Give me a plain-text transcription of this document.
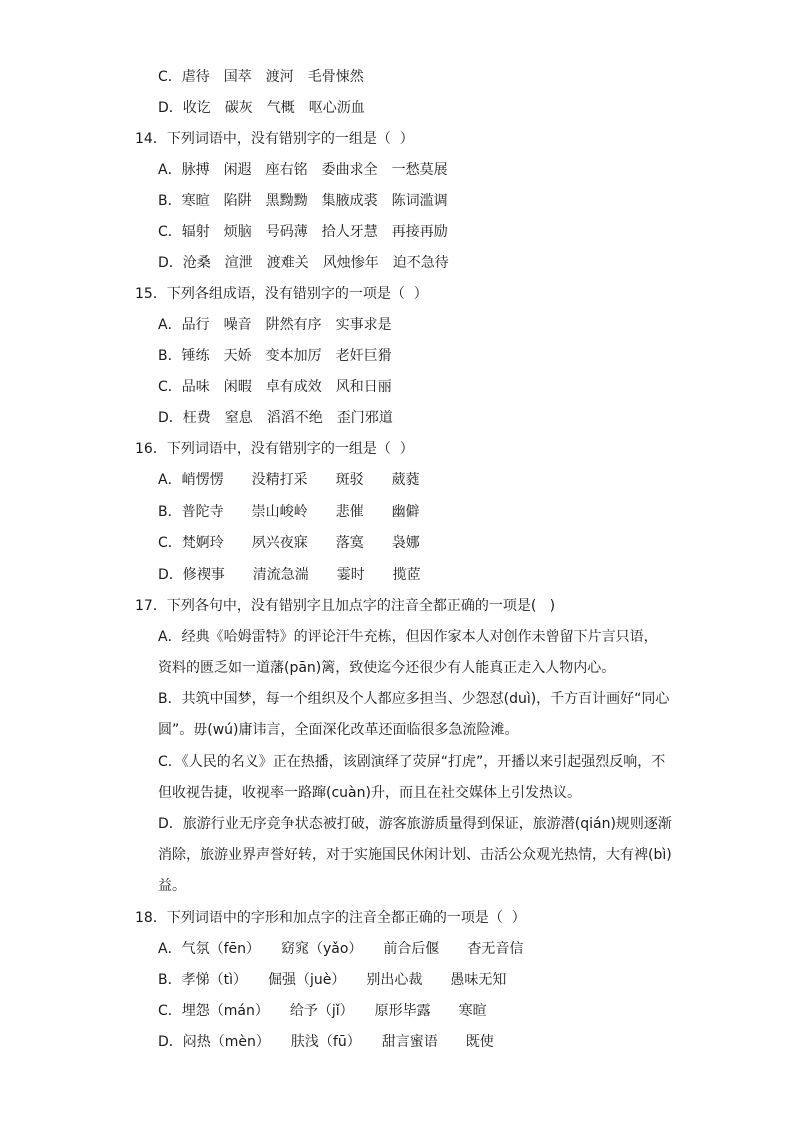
C．虐待　国萃　渡河　毛骨悚然
D．收讫　碳灰　气概　呕心沥血
14．下列词语中，没有错别字的一组是（  ）
A．脉搏　闲遐　座右铭　委曲求全　一愁莫展
B．寒暄　陷阱　黑黝黝　集腋成裘　陈词滥调
C．辐射　烦脑　号码薄　拾人牙慧　再接再励
D．沧桑　渲泄　渡难关　风烛惨年　迫不急待
15．下列各组成语，没有错别字的一项是（  ）
A．品行　噪音　阱然有序　实事求是
B．锤练　天娇　变本加厉　老奸巨猾
C．品味　闲暇　卓有成效　风和日丽
D．枉费　窒息　滔滔不绝　歪门邪道
16．下列词语中，没有错别字的一组是（  ）
A．峭愣愣　　没精打采　　斑驳　　葳蕤
B．普陀寺　　崇山峻岭　　悲催　　幽僻
C．梵婀玲　　夙兴夜寐　　落寞　　袅娜
D．修禊事　　清流急湍　　霎时　　揽茝
17．下列各句中，没有错别字且加点字的注音全都正确的一项是(   )
A．经典《哈姆雷特》的评论汗牛充栋，但因作家本人对创作未曾留下片言只语，
资料的匮乏如一道藩(pān)篱，致使迄今还很少有人能真正走入人物内心。
B．共筑中国梦，每一个组织及个人都应多担当、少怨怼(duì)，千方百计画好“同心
圆”。毋(wú)庸讳言，全面深化改革还面临很多急流险滩。
C．《人民的名义》正在热播，该剧演绎了荧屏“打虎”，开播以来引起强烈反响，不
但收视告捷，收视率一路蹿(cuàn)升，而且在社交媒体上引发热议。
D．旅游行业无序竞争状态被打破，游客旅游质量得到保证，旅游潜(qián)规则逐渐
消除，旅游业界声誉好转，对于实施国民休闲计划、击活公众观光热情，大有裨(bì)
益。
18．下列词语中的字形和加点字的注音全都正确的一项是（  ）
A．气氛（fēn）　　窈窕（yǎo）　　前合后偃　　杳无音信
B．孝悌（tì）　　倔强（juè）　　别出心裁　　愚味无知
C．埋怨（mán）　　给予（jǐ）　　原形毕露　　寒暄
D．闷热（mèn）　　肤浅（fū）　　甜言蜜语　　既使
